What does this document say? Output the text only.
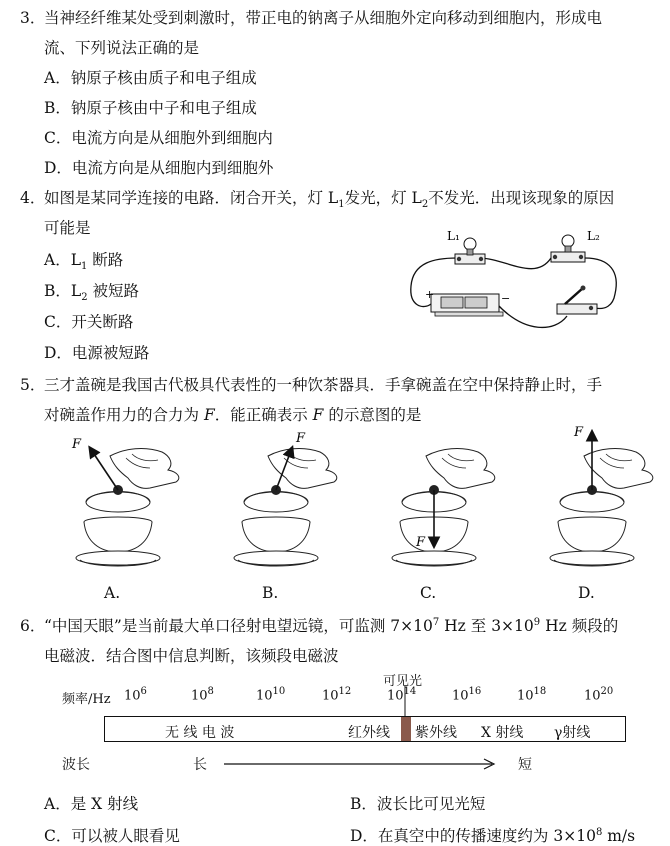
3．
当神经纤维某处受到刺激时，带正电的钠离子从细胞外定向移动到细胞内，形成电
流、下列说法正确的是
A．钠原子核由质子和电子组成
B．钠原子核由中子和电子组成
C．电流方向是从细胞外到细胞内
D．电流方向是从细胞内到细胞外
4．
如图是某同学连接的电路．闭合开关，灯 $L_1$发光，灯 $L_2$不发光．出现该现象的原因
可能是
A．$L_1$ 断路
B．$L_2$ 被短路
C．开关断路
D．电源被短路
L₁	L₂
+	−
5．
三才盖碗是我国古代极具代表性的一种饮茶器具．手拿碗盖在空中保持静止时，手
对碗盖作用力的合力为 F．能正确表示 F 的示意图的是
F	F
F
F
A.	B.	C.	D.
6．
“中国天眼”是当前最大单口径射电望远镜，可监测 $7\times 10^7$ Hz 至 $3\times 10^9$ Hz 频段的
电磁波．结合图中信息判断，该频段电磁波
可见光
频率/Hz $10^6$	$10^8$	$10^{10}$	$10^{12}$	$10^{14}$	$10^{16}$	$10^{18}$	$10^{20}$
无 线 电 波	红外线 紫外线 X 射线 γ射线
波长	长	短
A．是 X 射线	B．波长比可见光短
C．可以被人眼看见	D．在真空中的传播速度约为 $3\times 10^8$ m/s
